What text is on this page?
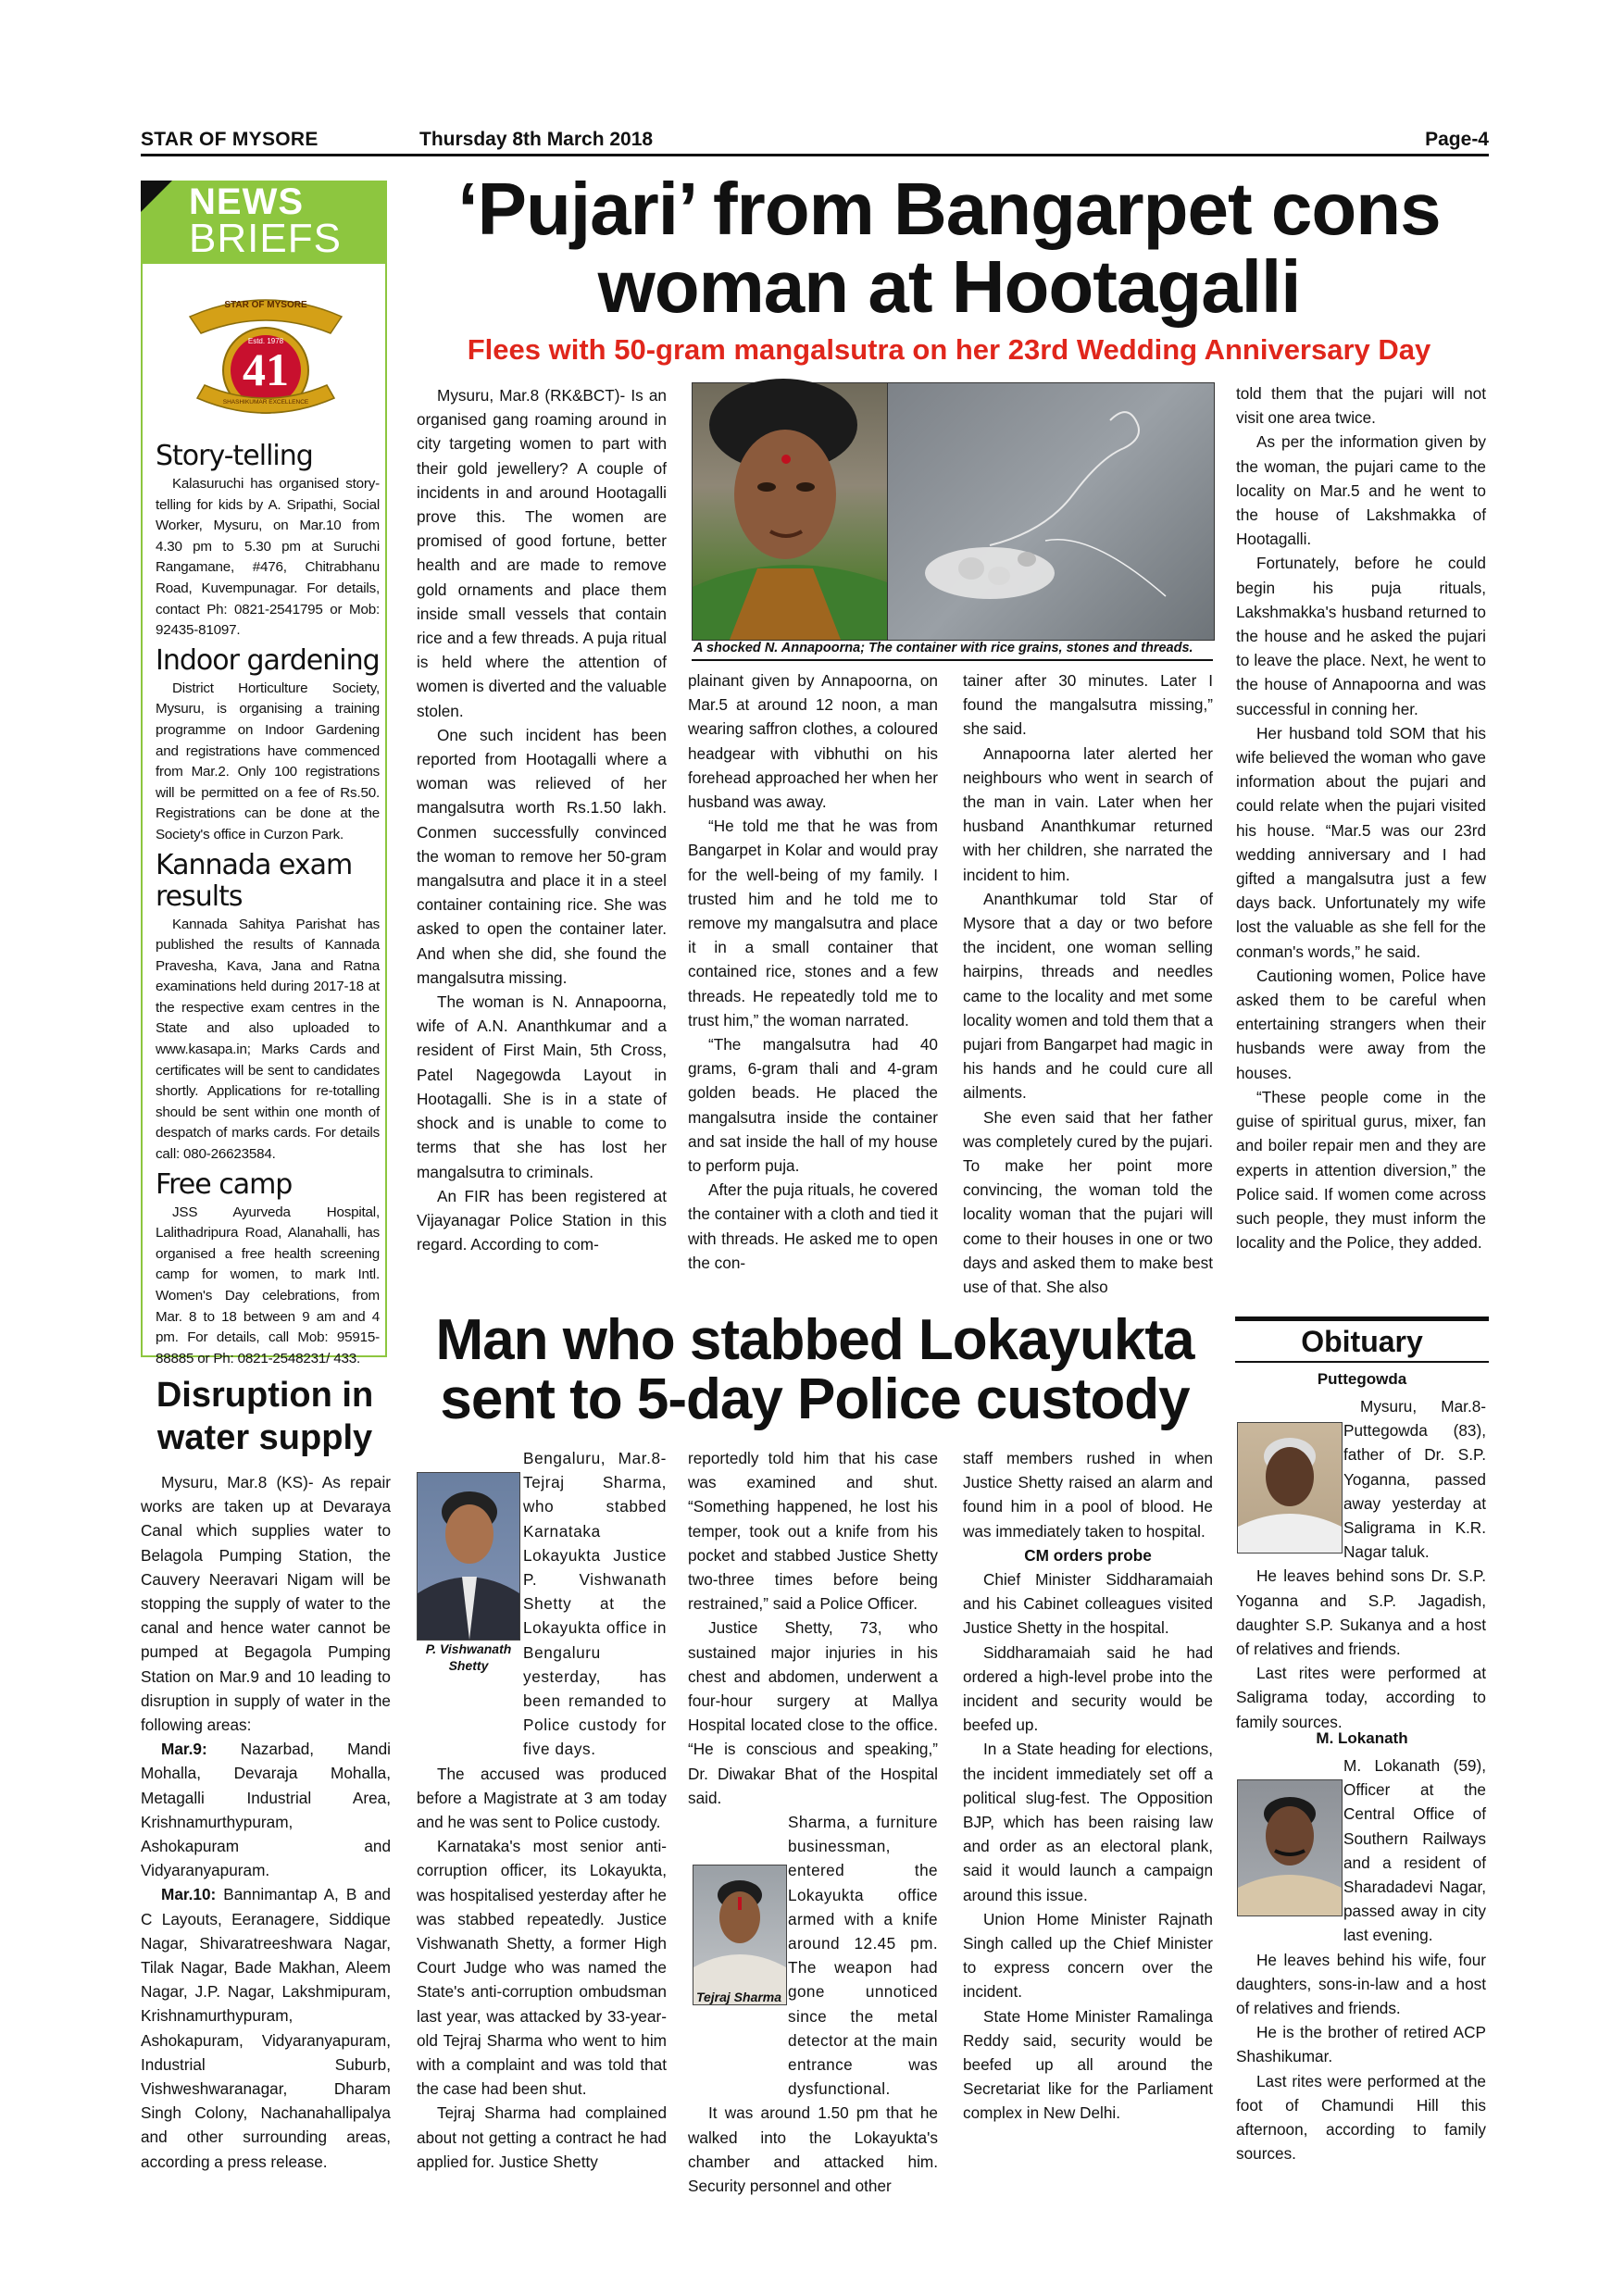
STAR OF MYSORE	Thursday 8th March 2018	Page-4
NEWS
BRIEFS
STAR OF MYSORE
Estd. 1978
41
SHASHIKUMAR EXCELLENCE
Story-telling

Kalasuruchi has organised story-telling for kids by A. Sripathi, Social Worker, Mysuru, on Mar.10 from 4.30 pm to 5.30 pm at Suruchi Rangamane, #476, Chitrabhanu Road, Kuvempunagar. For details, contact Ph: 0821-2541795 or Mob: 92435-81097.

Indoor gardening

District Horticulture Society, Mysuru, is organising a training programme on Indoor Gardening and registrations have commenced from Mar.2. Only 100 registrations will be permitted on a fee of Rs.50. Registrations can be done at the Society's office in Curzon Park.

Kannada exam results

Kannada Sahitya Parishat has published the results of Kannada Pravesha, Kava, Jana and Ratna examinations held during 2017-18 at the respective exam centres in the State and also uploaded to www.kasapa.in; Marks Cards and certificates will be sent to candidates shortly. Applications for re-totalling should be sent within one month of despatch of marks cards. For details call: 080-26623584.

Free camp

JSS Ayurveda Hospital, Lalithadripura Road, Alanahalli, has organised a free health screening camp for women, to mark Intl. Women's Day celebrations, from Mar. 8 to 18 between 9 am and 4 pm. For details, call Mob: 95915-88885 or Ph: 0821-2548231/ 433.

Disruption in water supply

Mysuru, Mar.8 (KS)- As repair works are taken up at Devaraya Canal which supplies water to Belagola Pumping Station, the Cauvery Neeravari Nigam will be stopping the supply of water to the canal and hence water cannot be pumped at Begagola Pumping Station on Mar.9 and 10 leading to disruption in supply of water in the following areas:

Mar.9: Nazarbad, Mandi Mohalla, Devaraja Mohalla, Metagalli Industrial Area, Krishnamurthypuram, Ashokapuram and Vidyaranyapuram.

Mar.10: Bannimantap A, B and C Layouts, Eeranagere, Siddique Nagar, Shivaratreeshwara Nagar, Tilak Nagar, Bade Makhan, Aleem Nagar, J.P. Nagar, Lakshmipuram, Krishnamurthypuram, Ashokapuram, Vidyaranyapuram, Industrial Suburb, Vishweshwaranagar, Dharam Singh Colony, Nachanahallipalya and other surrounding areas, according a press release.

‘Pujari’ from Bangarpet cons
woman at Hootagalli
Flees with 50-gram mangalsutra on her 23rd Wedding Anniversary Day

Mysuru, Mar.8 (RK&BCT)- Is an organised gang roaming around in city targeting women to part with their gold jewellery? A couple of incidents in and around Hootagalli prove this. The women are promised of good fortune, better health and are made to remove gold ornaments and place them inside small vessels that contain rice and a few threads. A puja ritual is held where the attention of women is diverted and the valuable stolen.

One such incident has been reported from Hootagalli where a woman was relieved of her mangalsutra worth Rs.1.50 lakh. Conmen successfully convinced the woman to remove her 50-gram mangalsutra and place it in a steel container containing rice. She was asked to open the container later. And when she did, she found the mangalsutra missing.

The woman is N. Annapoorna, wife of A.N. Ananthkumar and a resident of First Main, 5th Cross, Patel Nagegowda Layout in Hootagalli. She is in a state of shock and is unable to come to terms that she has lost her mangalsutra to criminals.

An FIR has been registered at Vijayanagar Police Station in this regard. According to com-

A shocked N. Annapoorna; The container with rice grains, stones and threads.

plainant given by Annapoorna, on Mar.5 at around 12 noon, a man wearing saffron clothes, a coloured headgear with vibhuthi on his forehead approached her when her husband was away.

“He told me that he was from Bangarpet in Kolar and would pray for the well-being of my family. I trusted him and he told me to remove my mangalsutra and place it in a small container that contained rice, stones and a few threads. He repeatedly told me to trust him,” the woman narrated.

“The mangalsutra had 40 grams, 6-gram thali and 4-gram golden beads. He placed the mangalsutra inside the container and sat inside the hall of my house to perform puja.

After the puja rituals, he covered the container with a cloth and tied it with threads. He asked me to open the con-

tainer after 30 minutes. Later I found the mangalsutra missing,” she said.

Annapoorna later alerted her neighbours who went in search of the man in vain. Later when her husband Ananthkumar returned with her children, she narrated the incident to him.

Ananthkumar told Star of Mysore that a day or two before the incident, one woman selling hairpins, threads and needles came to the locality and met some locality women and told them that a pujari from Bangarpet had magic in his hands and he could cure all ailments.

She even said that her father was completely cured by the pujari. To make her point more convincing, the woman told the locality woman that the pujari will come to their houses in one or two days and asked them to make best use of that. She also

told them that the pujari will not visit one area twice.

As per the information given by the woman, the pujari came to the locality on Mar.5 and he went to the house of Lakshmakka of Hootagalli.

Fortunately, before he could begin his puja rituals, Lakshmakka's husband returned to the house and he asked the pujari to leave the place. Next, he went to the house of Annapoorna and was successful in conning her.

Her husband told SOM that his wife believed the woman who gave information about the pujari and could relate when the pujari visited his house. “Mar.5 was our 23rd wedding anniversary and I had gifted a mangalsutra just a few days back. Unfortunately my wife lost the valuable as she fell for the conman's words,” he said.

Cautioning women, Police have asked them to be careful when entertaining strangers when their husbands were away from the houses.

“These people come in the guise of spiritual gurus, mixer, fan and boiler repair men and they are experts in attention diversion,” the Police said. If women come across such people, they must inform the locality and the Police, they added.

Man who stabbed Lokayukta
sent to 5-day Police custody
P. Vishwanath Shetty

Bengaluru, Mar.8- Tejraj Sharma, who stabbed Karnataka Lokayukta Justice P. Vishwanath Shetty at the Lokayukta office in Bengaluru yesterday, has been remanded to Police custody for five days.

The accused was produced before a Magistrate at 3 am today and he was sent to Police custody.

Karnataka's most senior anti-corruption officer, its Lokayukta, was hospitalised yesterday after he was stabbed repeatedly. Justice Vishwanath Shetty, a former High Court Judge who was named the State's anti-corruption ombudsman last year, was attacked by 33-year-old Tejraj Sharma who went to him with a complaint and was told that the case had been shut.

Tejraj Sharma had complained about not getting a contract he had applied for. Justice Shetty

Tejraj Sharma

reportedly told him that his case was examined and shut. “Something happened, he lost his temper, took out a knife from his pocket and stabbed Justice Shetty two-three times before being restrained,” said a Police Officer.

Justice Shetty, 73, who sustained major injuries in his chest and abdomen, underwent a four-hour surgery at Mallya Hospital located close to the office. “He is conscious and speaking,” Dr. Diwakar Bhat of the Hospital said.

Sharma, a furniture businessman, entered the Lokayukta office armed with a knife around 12.45 pm. The weapon had gone unnoticed since the metal detector at the main entrance was dysfunctional.

It was around 1.50 pm that he walked into the Lokayukta's chamber and attacked him. Security personnel and other

staff members rushed in when Justice Shetty raised an alarm and found him in a pool of blood. He was immediately taken to hospital.

CM orders probe

Chief Minister Siddharamaiah and his Cabinet colleagues visited Justice Shetty in the hospital.

Siddharamaiah said he had ordered a high-level probe into the incident and security would be beefed up.

In a State heading for elections, the incident immediately set off a political slug-fest. The Opposition BJP, which has been raising law and order as an electoral plank, said it would launch a campaign around this issue.

Union Home Minister Rajnath Singh called up the Chief Minister to express concern over the incident.

State Home Minister Ramalinga Reddy said, security would be beefed up all around the Secretariat like for the Parliament complex in New Delhi.

Obituary
Puttegowda

Mysuru, Mar.8- Puttegowda (83), father of Dr. S.P. Yoganna, passed away yesterday at Saligrama in K.R. Nagar taluk.

He leaves behind sons Dr. S.P. Yoganna and S.P. Jagadish, daughter S.P. Sukanya and a host of relatives and friends.

Last rites were performed at Saligrama today, according to family sources.

M. Lokanath

M. Lokanath (59), Officer at the Central Office of Southern Railways and a resident of Sharadadevi Nagar, passed away in city last evening.

He leaves behind his wife, four daughters, sons-in-law and a host of relatives and friends.

He is the brother of retired ACP Shashikumar.

Last rites were performed at the foot of Chamundi Hill this afternoon, according to family sources.
